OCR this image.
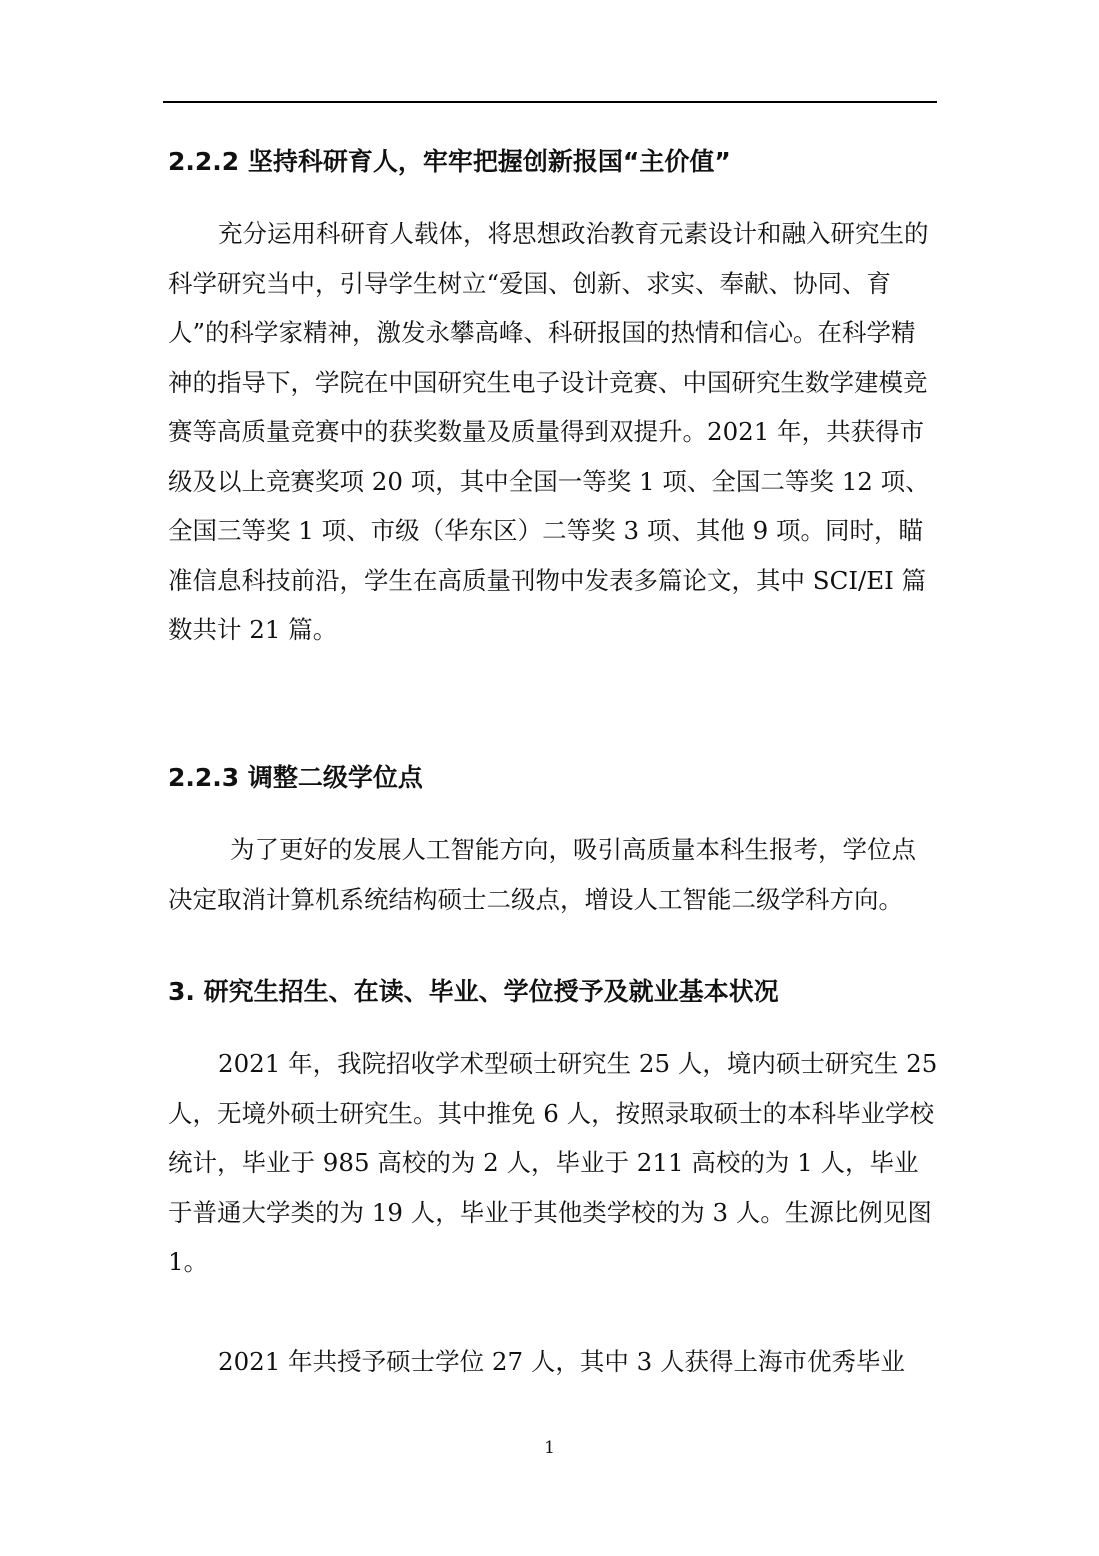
2.2.2 坚持科研育人，牢牢把握创新报国“主价值”

充分运用科研育人载体，将思想政治教育元素设计和融入研究生的科学研究当中，引导学生树立“爱国、创新、求实、奉献、协同、育人”的科学家精神，激发永攀高峰、科研报国的热情和信心。在科学精神的指导下，学院在中国研究生电子设计竞赛、中国研究生数学建模竞赛等高质量竞赛中的获奖数量及质量得到双提升。2021 年，共获得市级及以上竞赛奖项 20 项，其中全国一等奖 1 项、全国二等奖 12 项、全国三等奖 1 项、市级（华东区）二等奖 3 项、其他 9 项。同时，瞄准信息科技前沿，学生在高质量刊物中发表多篇论文，其中 SCI/EI 篇数共计 21 篇。

2.2.3 调整二级学位点

为了更好的发展人工智能方向，吸引高质量本科生报考，学位点决定取消计算机系统结构硕士二级点，增设人工智能二级学科方向。

3. 研究生招生、在读、毕业、学位授予及就业基本状况

2021 年，我院招收学术型硕士研究生 25 人，境内硕士研究生 25 人，无境外硕士研究生。其中推免 6 人，按照录取硕士的本科毕业学校统计，毕业于 985 高校的为 2 人，毕业于 211 高校的为 1 人，毕业于普通大学类的为 19 人，毕业于其他类学校的为 3 人。生源比例见图 1。

2021 年共授予硕士学位 27 人，其中 3 人获得上海市优秀毕业

1
